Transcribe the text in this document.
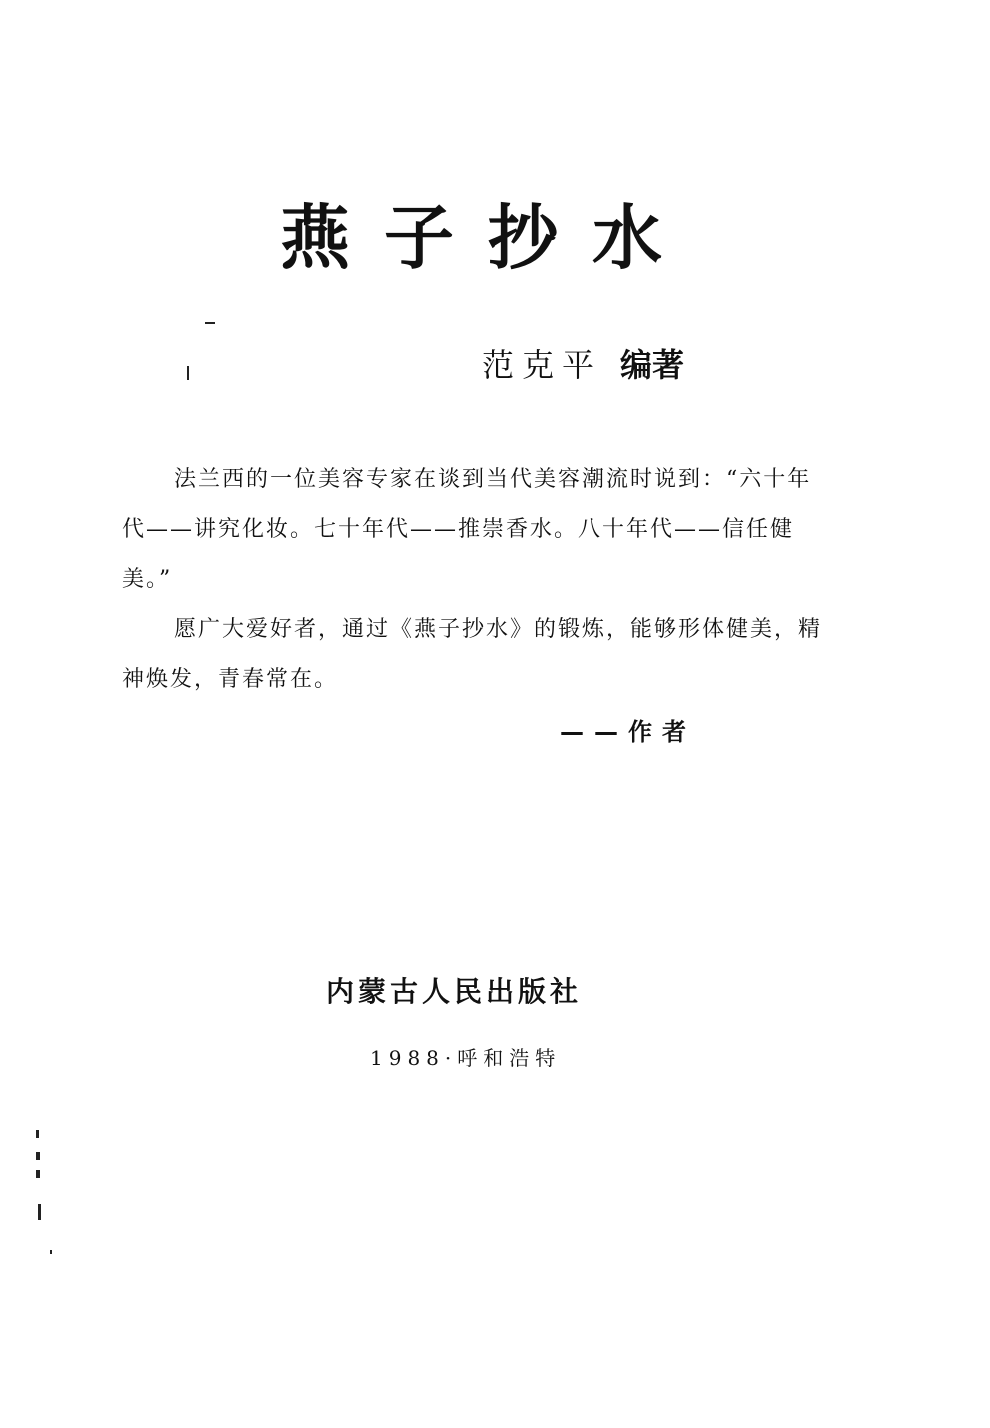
燕子抄水
范克平 编著

法兰西的一位美容专家在谈到当代美容潮流时说到：“六十年代——讲究化妆。七十年代——推崇香水。八十年代——信任健美。”

愿广大爱好者，通过《燕子抄水》的锻炼，能够形体健美，精神焕发，青春常在。

——作者
内蒙古人民出版社
1988·呼和浩特
